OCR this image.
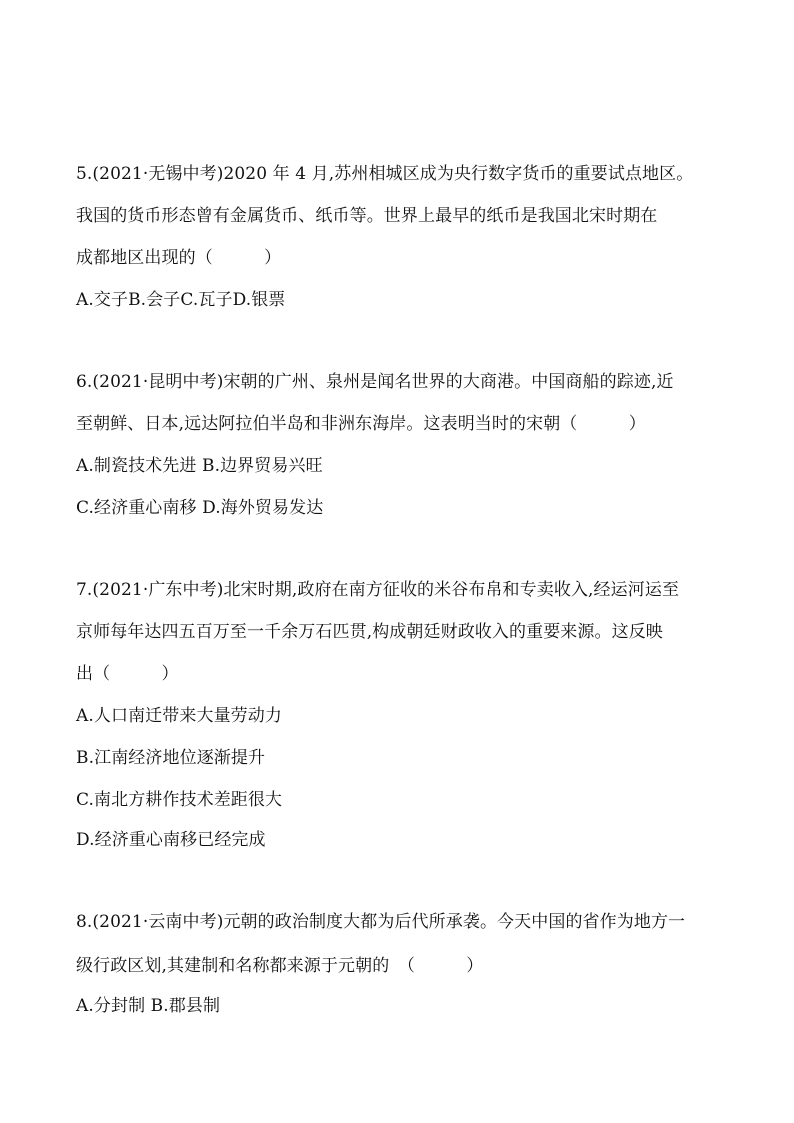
5.(2021·无锡中考)2020 年 4 月,苏州相城区成为央行数字货币的重要试点地区。
我国的货币形态曾有金属货币、纸币等。世界上最早的纸币是我国北宋时期在
成都地区出现的（　　　）
A.交子B.会子C.瓦子D.银票
6.(2021·昆明中考)宋朝的广州、泉州是闻名世界的大商港。中国商船的踪迹,近
至朝鲜、日本,远达阿拉伯半岛和非洲东海岸。这表明当时的宋朝（　　　）
A.制瓷技术先进 B.边界贸易兴旺
C.经济重心南移 D.海外贸易发达
7.(2021·广东中考)北宋时期,政府在南方征收的米谷布帛和专卖收入,经运河运至
京师每年达四五百万至一千余万石匹贯,构成朝廷财政收入的重要来源。这反映
出（　　　）
A.人口南迁带来大量劳动力
B.江南经济地位逐渐提升
C.南北方耕作技术差距很大
D.经济重心南移已经完成
8.(2021·云南中考)元朝的政治制度大都为后代所承袭。今天中国的省作为地方一
级行政区划,其建制和名称都来源于元朝的　（　　　）
A.分封制 B.郡县制
